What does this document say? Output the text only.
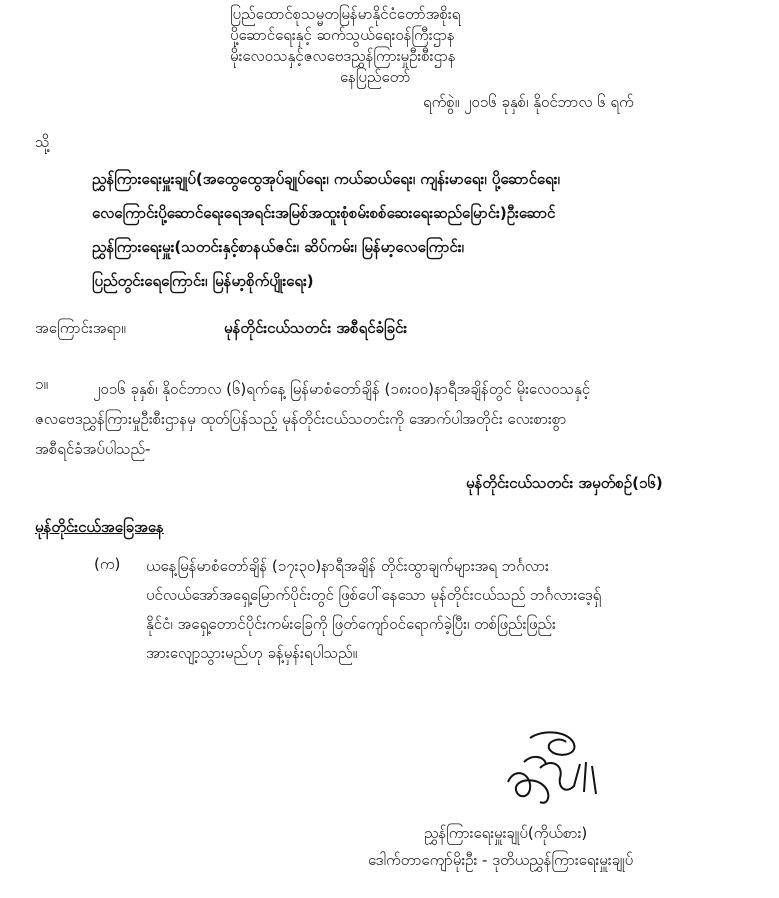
ပြည်ထောင်စုသမ္မတမြန်မာနိုင်ငံတော်အစိုးရ
ပို့ဆောင်ရေးနှင့် ဆက်သွယ်ရေးဝန်ကြီးဌာန
မိုးလေဝသနှင့်ဇလဗေဒညွှန်ကြားမှုဦးစီးဌာန
နေပြည်တော်
ရက်စွဲ။ ၂၀၁၆ ခုနှစ်၊ နိုဝင်ဘာလ ၆ ရက်
သို့
ညွှန်ကြားရေးမှူးချုပ်(အထွေထွေအုပ်ချုပ်ရေး၊ ကယ်ဆယ်ရေး၊ ကျန်းမာရေး၊ ပို့ဆောင်ရေး၊
လေကြောင်းပို့ဆောင်ရေးရေအရင်းအမြစ်အထူးစုံစမ်းစစ်ဆေးရေးဆည်မြောင်း)ဦးဆောင်
ညွှန်ကြားရေးမှူး(သတင်းနှင့်စာနယ်ဇင်း၊ ဆိပ်ကမ်း၊ မြန်မာ့လေကြောင်း၊
ပြည်တွင်းရေကြောင်း၊ မြန်မာ့စိုက်ပျိုးရေး)
အကြောင်းအရာ။	မုန်တိုင်းငယ်သတင်း အစီရင်ခံခြင်း
၁။	၂၀၁၆ ခုနှစ်၊ နိုဝင်ဘာလ (၆)ရက်နေ့ မြန်မာစံတော်ချိန် (၁၈း၀၀)နာရီအချိန်တွင် မိုးလေဝသနှင့်
ဇလဗေဒညွှန်ကြားမှုဦးစီးဌာနမှ ထုတ်ပြန်သည့် မုန်တိုင်းငယ်သတင်းကို အောက်ပါအတိုင်း လေးစားစွာ
အစီရင်ခံအပ်ပါသည်-
မုန်တိုင်းငယ်သတင်း အမှတ်စဥ်(၁၆)
မုန်တိုင်းငယ်အခြေအနေ
(က) ယနေ့မြန်မာစံတော်ချိန် (၁၇း၃၀)နာရီအချိန် တိုင်းထွာချက်များအရ ဘင်္ဂလား
ပင်လယ်အော်အရှေ့မြောက်ပိုင်းတွင် ဖြစ်ပေါ်နေသော မုန်တိုင်းငယ်သည် ဘင်္ဂလားဒေ့ရှ်
နိုင်ငံ၊ အရှေ့တောင်ပိုင်းကမ်းခြေကို ဖြတ်ကျော်ဝင်ရောက်ခဲ့ပြီး၊ တစ်ဖြည်းဖြည်း
အားလျော့သွားမည်ဟု ခန့်မှန်းရပါသည်။
ညွှန်ကြားရေးမှူးချုပ်(ကိုယ်စား)
ဒေါက်တာကျော်မိုးဦး - ဒုတိယညွှန်ကြားရေးမှူးချုပ်
